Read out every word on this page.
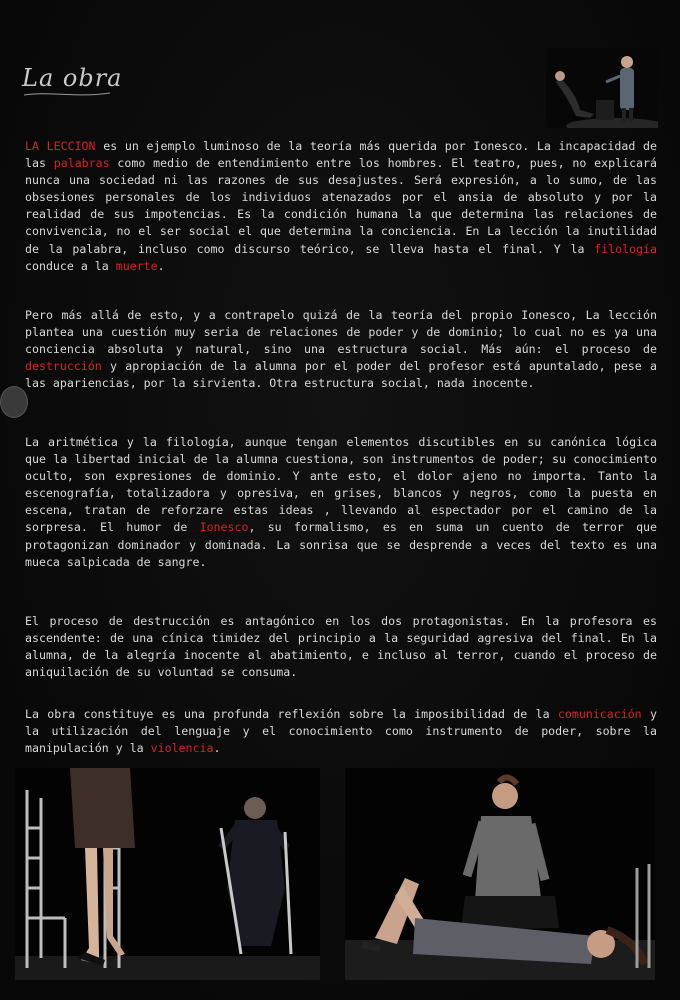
La obra
LA LECCION es un ejemplo luminoso de la teoría más querida por Ionesco. La incapacidad de las palabras como medio de entendimiento entre los hombres. El teatro, pues, no explicará nunca una sociedad ni las razones de sus desajustes. Será expresión, a lo sumo, de las obsesiones personales de los individuos atenazados por el ansia de absoluto y por la realidad de sus impotencias. Es la condición humana la que determina las relaciones de convivencia, no el ser social el que determina la conciencia. En La lección la inutilidad de la palabra, incluso como discurso teórico, se lleva hasta el final. Y la filología conduce a la muerte.
Pero más allá de esto, y a contrapelo quizá de la teoría del propio Ionesco, La lección plantea una cuestión muy seria de relaciones de poder y de dominio; lo cual no es ya una conciencia absoluta y natural, sino una estructura social. Más aún: el proceso de destrucción y apropiación de la alumna por el poder del profesor está apuntalado, pese a las apariencias, por la sirvienta. Otra estructura social, nada inocente.
La aritmética y la filología, aunque tengan elementos discutibles en su canónica lógica que la libertad inicial de la alumna cuestiona, son instrumentos de poder; su conocimiento oculto, son expresiones de dominio. Y ante esto, el dolor ajeno no importa. Tanto la escenografía, totalizadora y opresiva, en grises, blancos y negros, como la puesta en escena, tratan de reforzare estas ideas , llevando al espectador por el camino de la sorpresa. El humor de Ionesco, su formalismo, es en suma un cuento de terror que protagonizan dominador y dominada. La sonrisa que se desprende a veces del texto es una mueca salpicada de sangre.
El proceso de destrucción es antagónico en los dos protagonistas. En la profesora es ascendente: de una cínica timidez del principio a la seguridad agresiva del final. En la alumna, de la alegría inocente al abatimiento, e incluso al terror, cuando el proceso de aniquilación de su voluntad se consuma.
La obra constituye es una profunda reflexión sobre la imposibilidad de la comunicación y la utilización del lenguaje y el conocimiento como instrumento de poder, sobre la manipulación y la violencia.
